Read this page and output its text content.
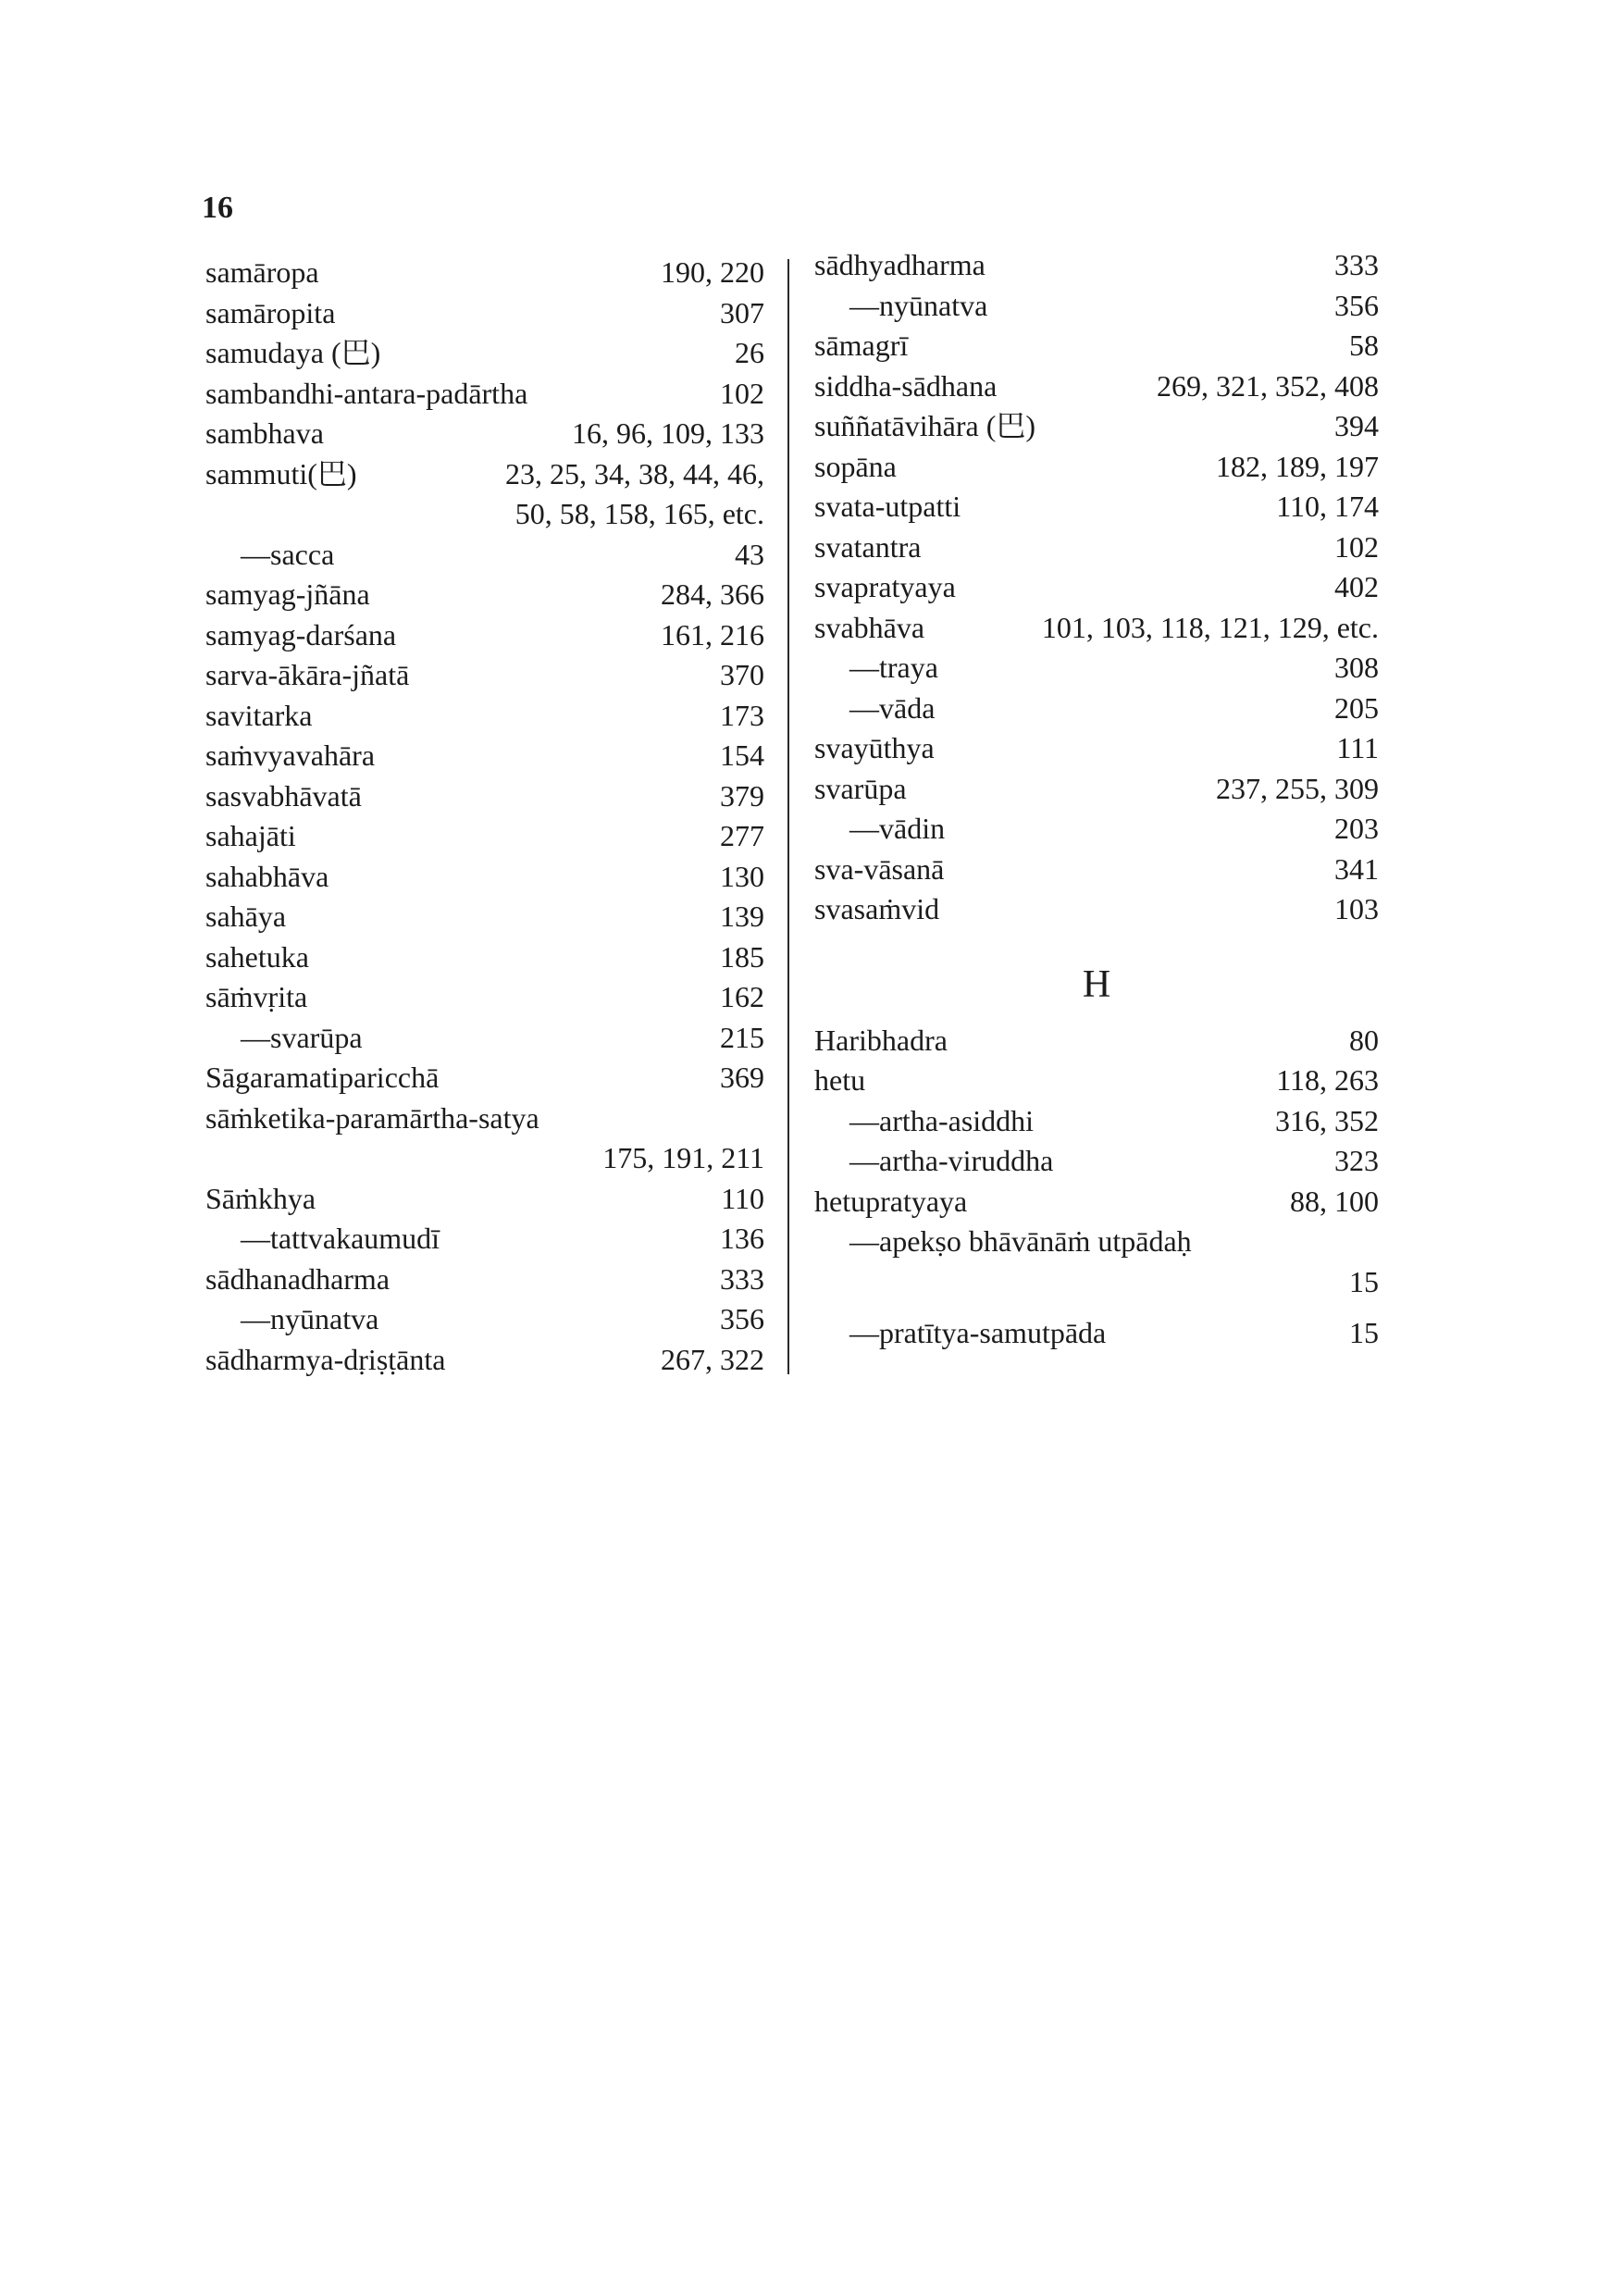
16
samāropa	190, 220
samāropita	307
samudaya (巴)	26
sambandhi-antara-padārtha	102
sambhava	16, 96, 109, 133
sammuti(巴)	23, 25, 34, 38, 44, 46,
50, 58, 158, 165, etc.
—sacca	43
samyag-jñāna	284, 366
samyag-darśana	161, 216
sarva-ākāra-jñatā	370
savitarka	173
saṁvyavahāra	154
sasvabhāvatā	379
sahajāti	277
sahabhāva	130
sahāya	139
sahetuka	185
sāṁvṛita	162
—svarūpa	215
Sāgaramatiparicchā	369
sāṁketika-paramārtha-satya
175, 191, 211
Sāṁkhya	110
—tattvakaumudī	136
sādhanadharma	333
—nyūnatva	356
sādharmya-dṛiṣṭānta	267, 322
sādhyadharma	333
—nyūnatva	356
sāmagrī	58
siddha-sādhana	269, 321, 352, 408
suññatāvihāra (巴)	394
sopāna	182, 189, 197
svata-utpatti	110, 174
svatantra	102
svapratyaya	402
svabhāva	101, 103, 118, 121, 129, etc.
—traya	308
—vāda	205
svayūthya	111
svarūpa	237, 255, 309
—vādin	203
sva-vāsanā	341
svasaṁvid	103
H
Haribhadra	80
hetu	118, 263
—artha-asiddhi	316, 352
—artha-viruddha	323
hetupratyaya	88, 100
—apekṣo bhāvānāṁ utpādaḥ
15
—pratītya-samutpāda	15
